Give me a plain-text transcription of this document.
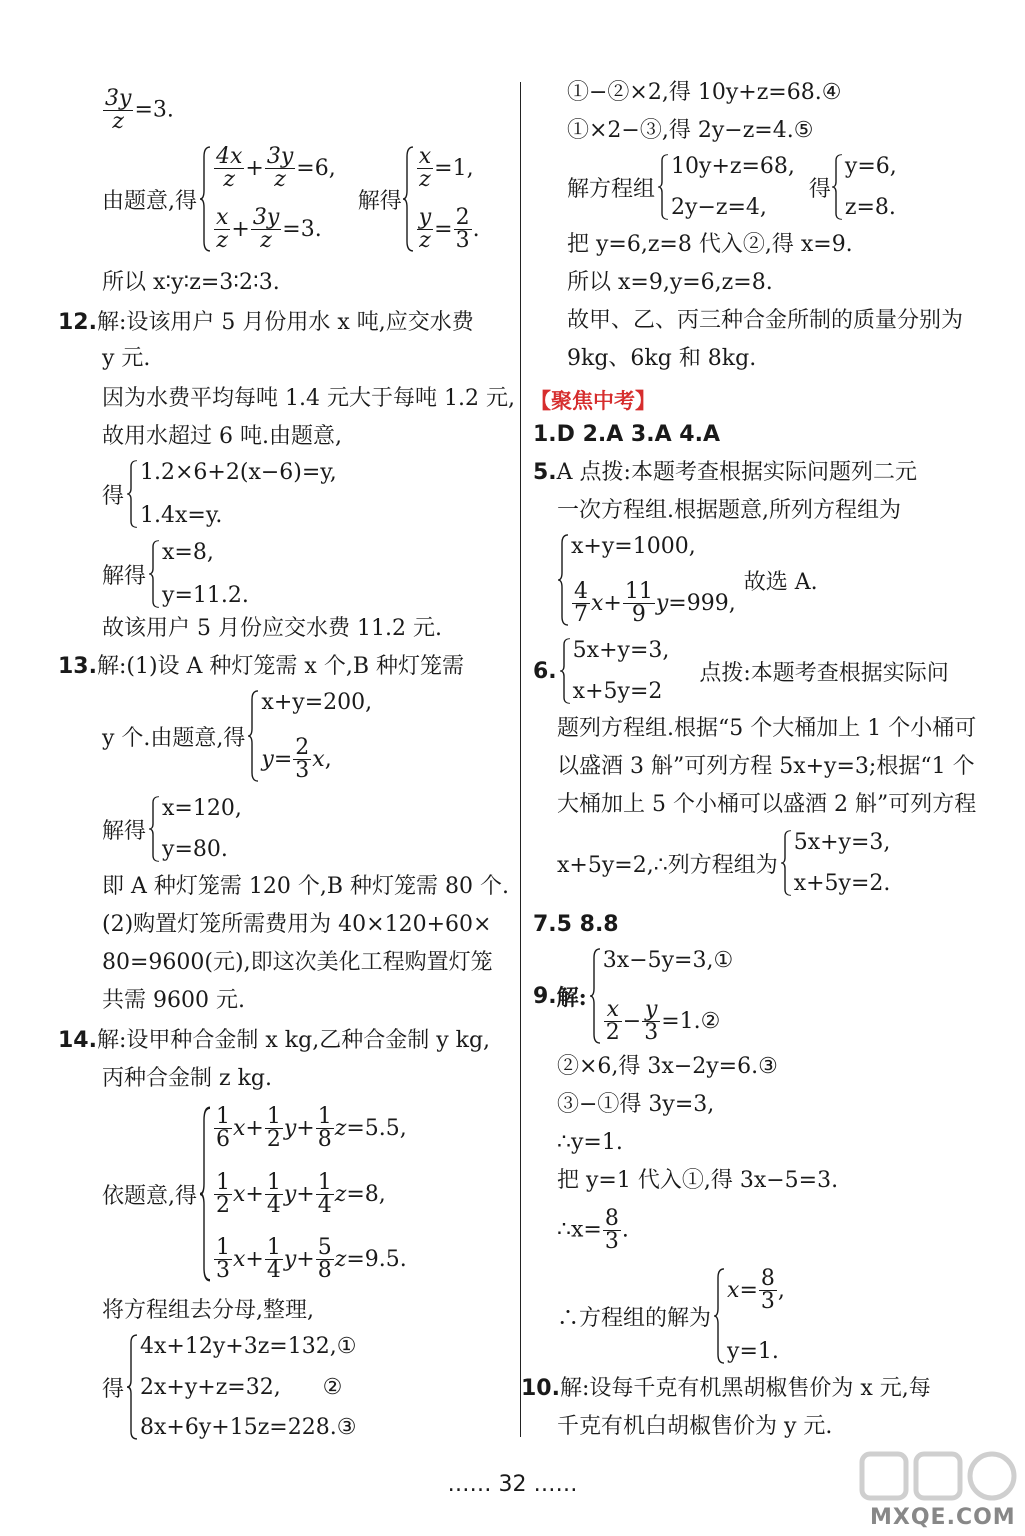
$\frac{3y}{z} =3$.
由题意,得
4x
z + 3y
z =6,
x
z + 3y
z =3.
解得
x
z =1,
y
z = 2
3 .
所以 x∶y∶z=3∶2∶3.
12.解:设该用户 5 月份用水 x 吨,应交水费
y 元.
因为水费平均每吨 1.4 元大于每吨 1.2 元,
故用水超过 6 吨.由题意,
得
1.2×6+2(x−6)=y,
1.4x=y.
解得
x=8,
y=11.2.
故该用户 5 月份应交水费 11.2 元.
13.解:(1)设 A 种灯笼需 x 个,B 种灯笼需
y 个.由题意,得
x+y=200,
y = 2
3 x ,
解得
x=120,
y=80.
即 A 种灯笼需 120 个,B 种灯笼需 80 个.
(2)购置灯笼所需费用为 40×120+60×
80=9600(元),即这次美化工程购置灯笼
共需 9600 元.
14.解:设甲种合金制 x kg,乙种合金制 y kg,
丙种合金制 z kg.
依题意,得
1
6 x + 1
2 y + 1
8 z =5.5,
1
2 x + 1
4 y + 1
4 z =8,
1
3 x + 1
4 y + 5
8 z =9.5.
将方程组去分母,整理,
得
4x+12y+3z=132,①
2x+y+z=32,      ②
8x+6y+15z=228.③
①−②×2,得 10y+z=68.④
①×2−③,得 2y−z=4.⑤
解方程组
10y+z=68,
2y−z=4,
得
y=6,
z=8.
把 y=6,z=8 代入②,得 x=9.
所以 x=9,y=6,z=8.
故甲、乙、丙三种合金所制的质量分别为
9kg、6kg 和 8kg.
【聚焦中考】
1.D 2.A 3.A 4.A
5.A 点拨:本题考查根据实际问题列二元
一次方程组.根据题意,所列方程组为
x+y=1000,
4
7 x + 11
9 y =999,
故选 A.
6.
5x+y=3,
x+5y=2
点拨:本题考查根据实际问
题列方程组.根据“5 个大桶加上 1 个小桶可
以盛酒 3 斛”可列方程 5x+y=3;根据“1 个
大桶加上 5 个小桶可以盛酒 2 斛”可列方程
x+5y=2,∴列方程组为
5x+y=3,
x+5y=2.
7.5 8.8
9. 解:
3x−5y=3,①
x
$2 - \frac{y}{3}$ =1.②
②×6,得 3x−2y=6.③
③−①得 3y=3,
∴y=1.
把 y=1 代入①,得 3x−5=3.
∴x= $\frac{8}{3}$ .
∴方程组的解为
x = 8
3 ,
y=1.
10.解:设每千克有机黑胡椒售价为 x 元,每
千克有机白胡椒售价为 y 元.
…… 32 ……
MXQE.COM
